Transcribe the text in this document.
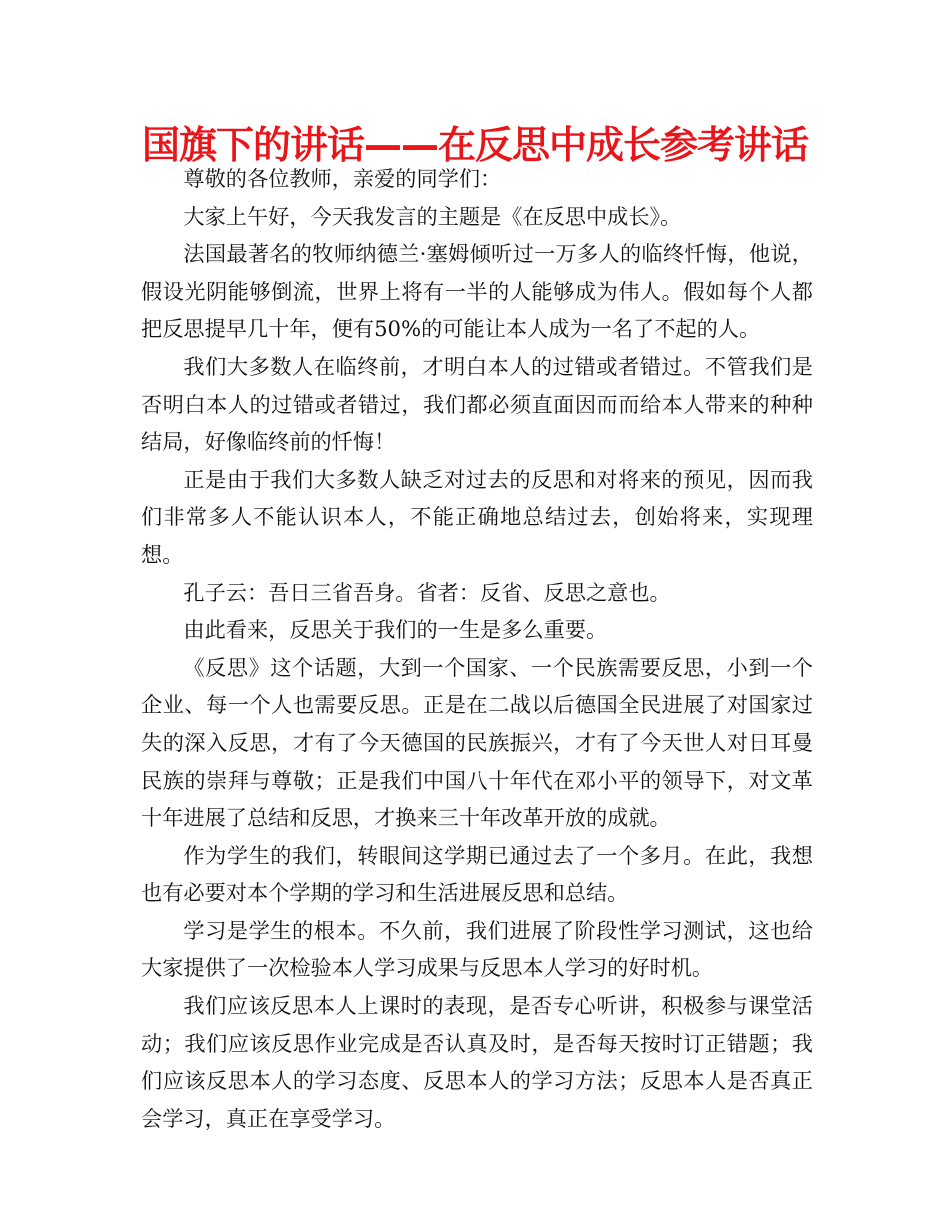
国旗下的讲话——在反思中成长参考讲话

尊敬的各位教师，亲爱的同学们：

大家上午好，今天我发言的主题是《在反思中成长》。

法国最著名的牧师纳德兰·塞姆倾听过一万多人的临终忏悔，他说，假设光阴能够倒流，世界上将有一半的人能够成为伟人。假如每个人都把反思提早几十年，便有50%的可能让本人成为一名了不起的人。

我们大多数人在临终前，才明白本人的过错或者错过。不管我们是否明白本人的过错或者错过，我们都必须直面因而而给本人带来的种种结局，好像临终前的忏悔！

正是由于我们大多数人缺乏对过去的反思和对将来的预见，因而我们非常多人不能认识本人，不能正确地总结过去，创始将来，实现理想。

孔子云：吾日三省吾身。省者：反省、反思之意也。

由此看来，反思关于我们的一生是多么重要。

《反思》这个话题，大到一个国家、一个民族需要反思，小到一个企业、每一个人也需要反思。正是在二战以后德国全民进展了对国家过失的深入反思，才有了今天德国的民族振兴，才有了今天世人对日耳曼民族的崇拜与尊敬；正是我们中国八十年代在邓小平的领导下，对文革十年进展了总结和反思，才换来三十年改革开放的成就。

作为学生的我们，转眼间这学期已通过去了一个多月。在此，我想也有必要对本个学期的学习和生活进展反思和总结。

学习是学生的根本。不久前，我们进展了阶段性学习测试，这也给大家提供了一次检验本人学习成果与反思本人学习的好时机。

我们应该反思本人上课时的表现，是否专心听讲，积极参与课堂活动；我们应该反思作业完成是否认真及时，是否每天按时订正错题；我们应该反思本人的学习态度、反思本人的学习方法；反思本人是否真正会学习，真正在享受学习。
